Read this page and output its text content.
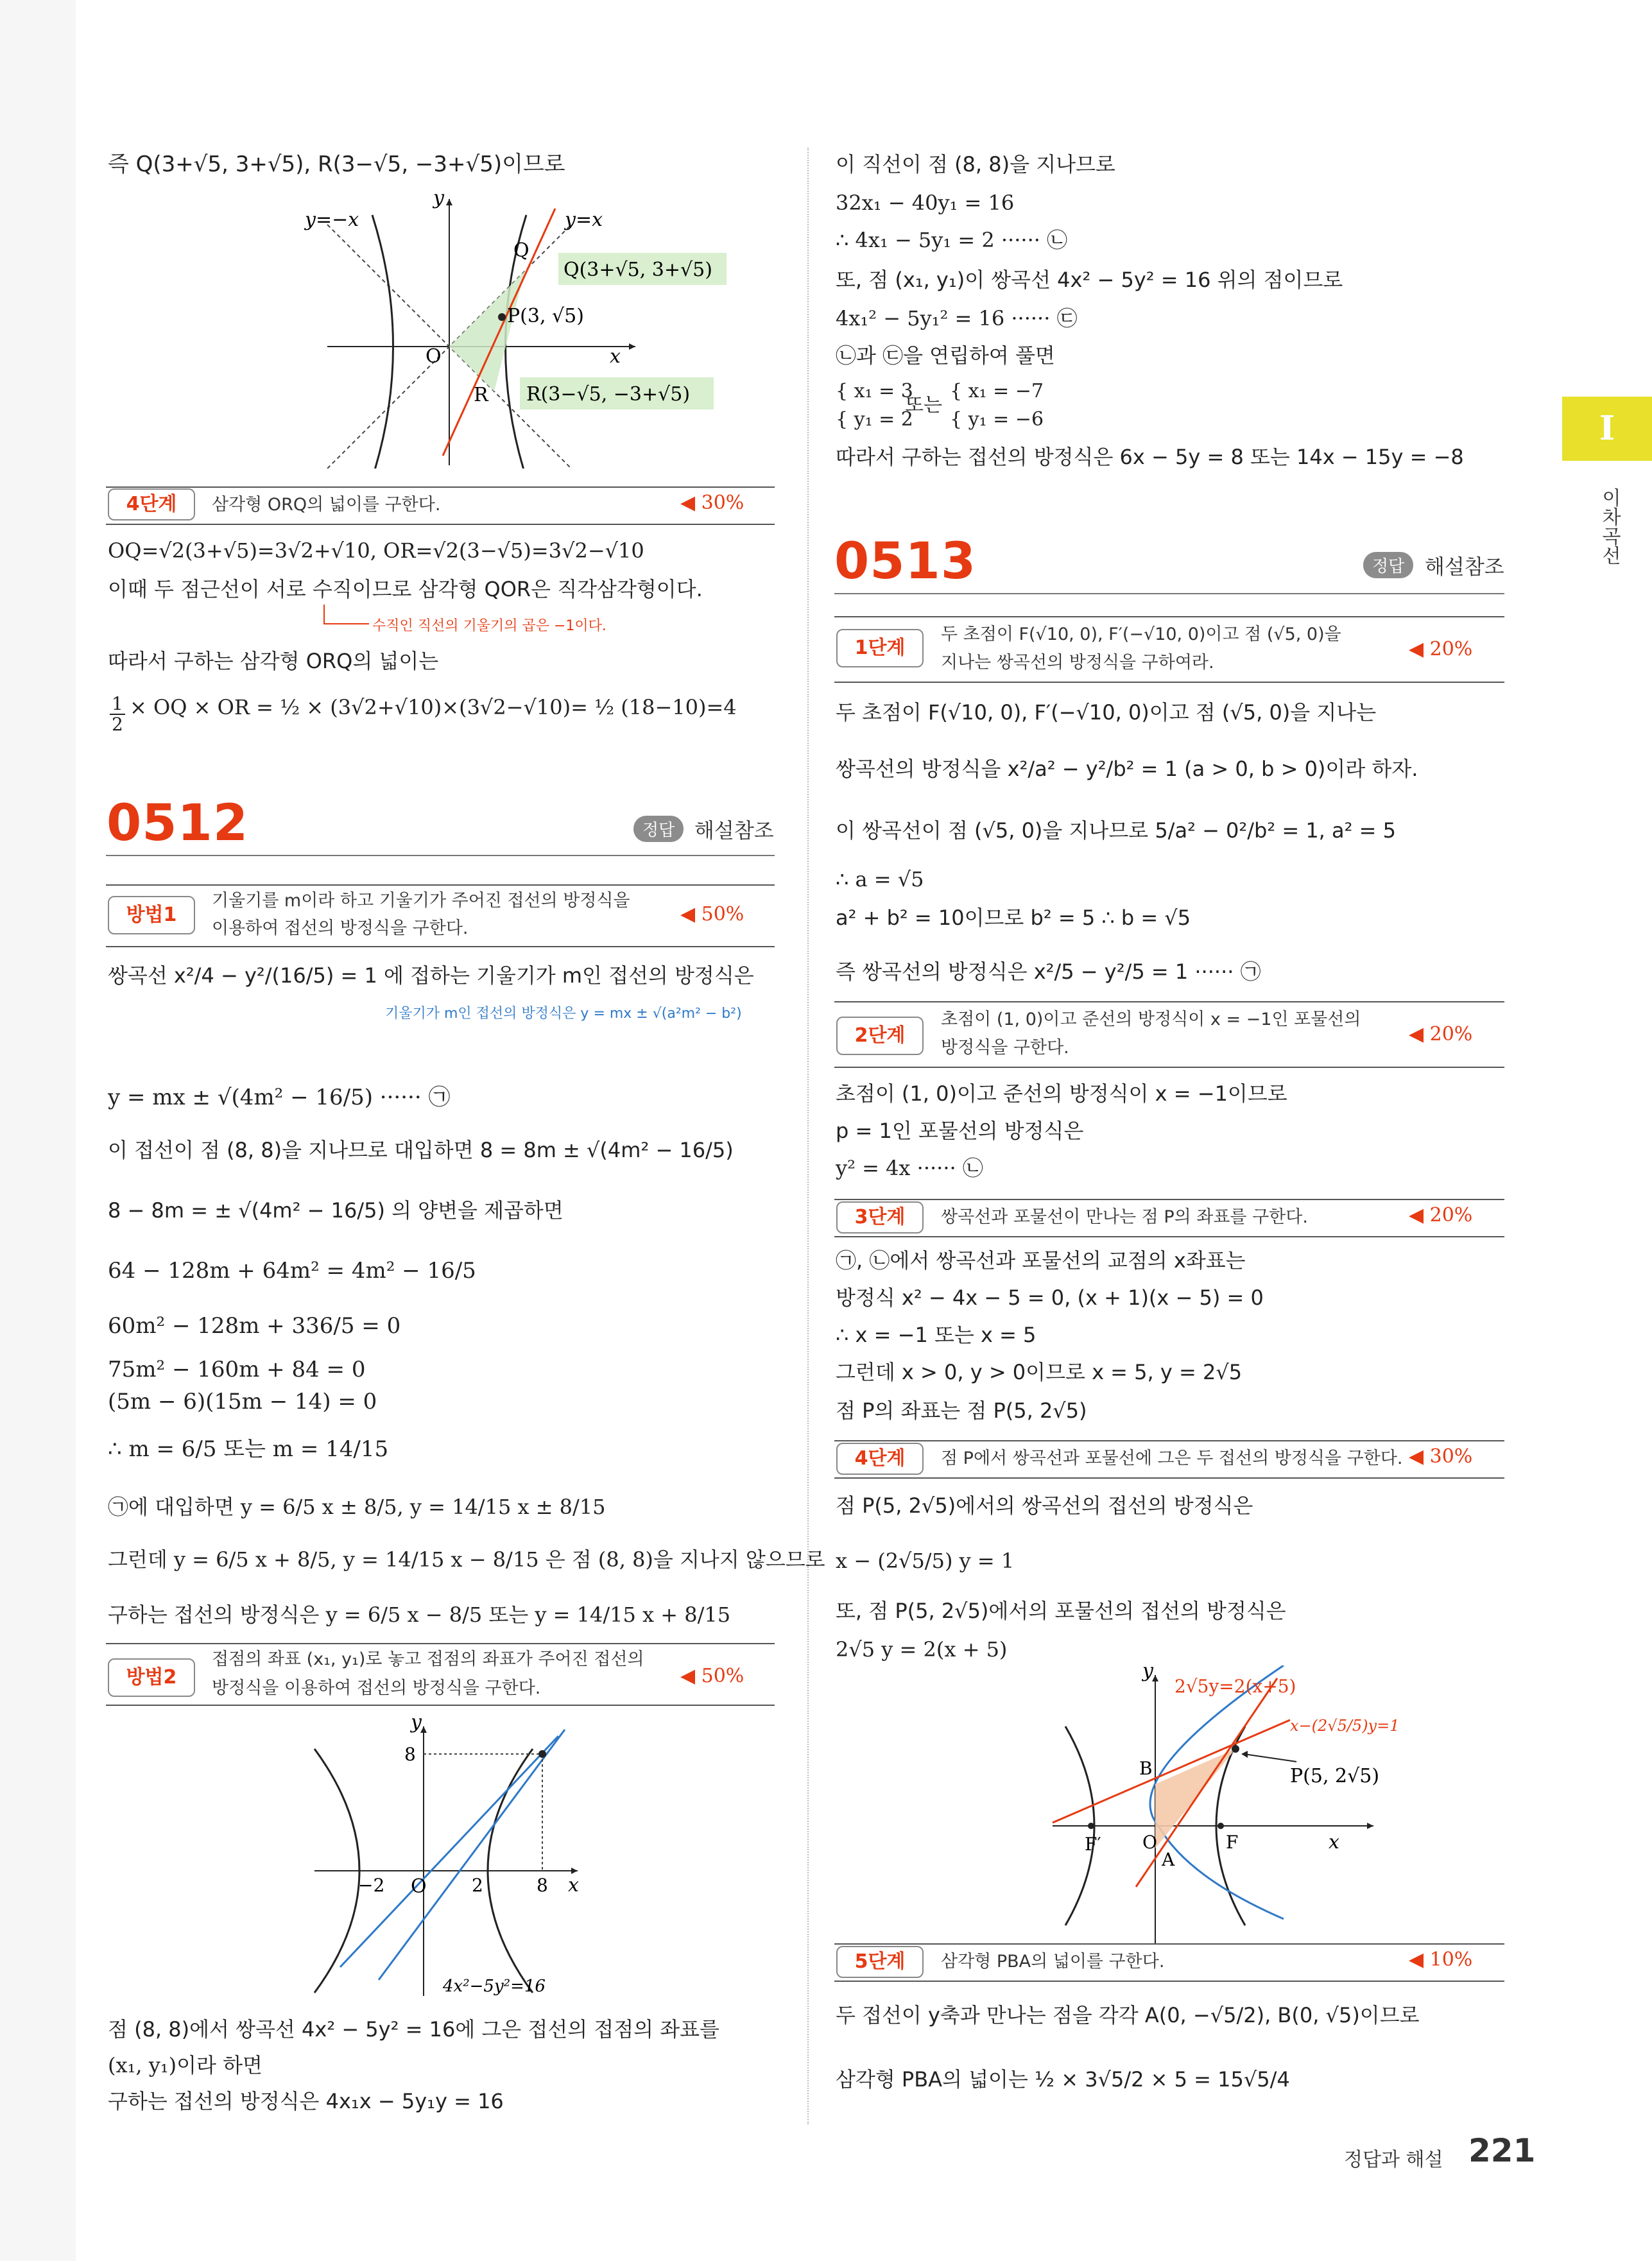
즉 Q(3+√5, 3+√5), R(3−√5, −3+√5)이므로
y=−x
y
y=x
Q
P(3, √5)
O	x
R
Q(3+√5, 3+√5)
R(3−√5, −3+√5)
4단계	삼각형 ORQ의 넓이를 구한다.	◀ 30%
OQ=√2(3+√5)=3√2+√10, OR=√2(3−√5)=3√2−√10
이때 두 점근선이 서로 수직이므로 삼각형 QOR은 직각삼각형이다.
수직인 직선의 기울기의 곱은 −1이다.
따라서 구하는 삼각형 ORQ의 넓이는
$\frac{1}{2}$ × OQ × OR = ½ × (3√2+√10)×(3√2−√10)= ½ (18−10)=4
0512	정답 해설참조
방법1
기울기를 m이라 하고 기울기가 주어진 접선의 방정식을
이용하여 접선의 방정식을 구한다.
◀ 50%
쌍곡선 x²/4 − y²/(16/5) = 1 에 접하는 기울기가 m인 접선의 방정식은
기울기가 m인 접선의 방정식은 y = mx ± √(a²m² − b²)
y = mx ± √(4m² − 16/5) ······ ㉠
이 접선이 점 (8, 8)을 지나므로 대입하면 8 = 8m ± √(4m² − 16/5)
8 − 8m = ± √(4m² − 16/5) 의 양변을 제곱하면
64 − 128m + 64m² = 4m² − 16/5
60m² − 128m + 336/5 = 0
75m² − 160m + 84 = 0
(5m − 6)(15m − 14) = 0
∴ m = 6/5 또는 m = 14/15
㉠에 대입하면 y = 6/5 x ± 8/5, y = 14/15 x ± 8/15
그런데 y = 6/5 x + 8/5, y = 14/15 x − 8/15 은 점 (8, 8)을 지나지 않으므로
구하는 접선의 방정식은 y = 6/5 x − 8/5 또는 y = 14/15 x + 8/15
방법2
접점의 좌표 (x₁, y₁)로 놓고 접점의 좌표가 주어진 접선의
방정식을 이용하여 접선의 방정식을 구한다.
◀ 50%
y
8
−2 O	2	8 x
4x²−5y²=16
점 (8, 8)에서 쌍곡선 4x² − 5y² = 16에 그은 접선의 접점의 좌표를
(x₁, y₁)이라 하면
구하는 접선의 방정식은 4x₁x − 5y₁y = 16
이 직선이 점 (8, 8)을 지나므로
32x₁ − 40y₁ = 16
∴ 4x₁ − 5y₁ = 2 ······ ㉡
또, 점 (x₁, y₁)이 쌍곡선 4x² − 5y² = 16 위의 점이므로
4x₁² − 5y₁² = 16 ······ ㉢
㉡과 ㉢을 연립하여 풀면
{ x₁ = 3
{ y₁ = 2
또는
{ x₁ = −7
{ y₁ = −6
따라서 구하는 접선의 방정식은 6x − 5y = 8 또는 14x − 15y = −8
0513	정답 해설참조
1단계
두 초점이 F(√10, 0), F′(−√10, 0)이고 점 (√5, 0)을
지나는 쌍곡선의 방정식을 구하여라.
◀ 20%
두 초점이 F(√10, 0), F′(−√10, 0)이고 점 (√5, 0)을 지나는
쌍곡선의 방정식을 x²/a² − y²/b² = 1 (a > 0, b > 0)이라 하자.
이 쌍곡선이 점 (√5, 0)을 지나므로 5/a² − 0²/b² = 1, a² = 5
∴ a = √5
a² + b² = 10이므로 b² = 5 ∴ b = √5
즉 쌍곡선의 방정식은 x²/5 − y²/5 = 1 ······ ㉠
2단계
초점이 (1, 0)이고 준선의 방정식이 x = −1인 포물선의
방정식을 구한다.
◀ 20%
초점이 (1, 0)이고 준선의 방정식이 x = −1이므로
p = 1인 포물선의 방정식은
y² = 4x ······ ㉡
3단계	쌍곡선과 포물선이 만나는 점 P의 좌표를 구한다.	◀ 20%
㉠, ㉡에서 쌍곡선과 포물선의 교점의 x좌표는
방정식 x² − 4x − 5 = 0, (x + 1)(x − 5) = 0
∴ x = −1 또는 x = 5
그런데 x > 0, y > 0이므로 x = 5, y = 2√5
점 P의 좌표는 점 P(5, 2√5)
4단계	점 P에서 쌍곡선과 포물선에 그은 두 접선의 방정식을 구한다. ◀ 30%
점 P(5, 2√5)에서의 쌍곡선의 접선의 방정식은
x − (2√5/5) y = 1
또, 점 P(5, 2√5)에서의 포물선의 접선의 방정식은
2√5 y = 2(x + 5)
y
2√5y=2(x+5)
x−(2√5/5)y=1
B	P(5, 2√5)
F′ O	F	x
A
5단계	삼각형 PBA의 넓이를 구한다.	◀ 10%
두 접선이 y축과 만나는 점을 각각 A(0, −√5/2), B(0, √5)이므로
삼각형 PBA의 넓이는 ½ × 3√5/2 × 5 = 15√5/4
I
이차곡선
정답과 해설 221
